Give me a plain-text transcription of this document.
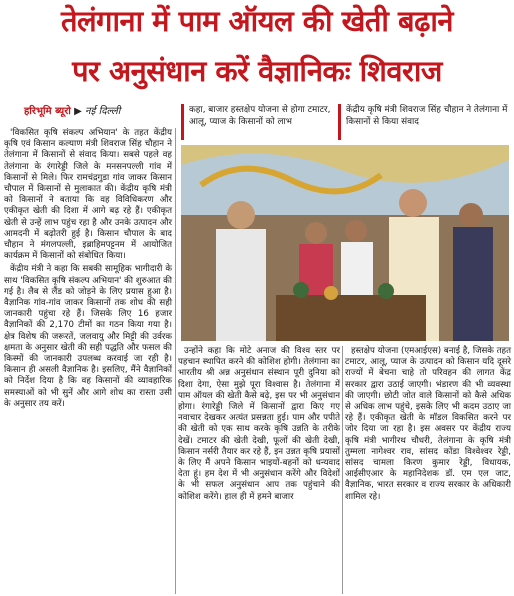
तेलंगाना में पाम ऑयल की खेती बढ़ाने
पर अनुसंधान करें वैज्ञानिकः शिवराज
हरिभूमि ब्यूरो ▶ नई दिल्ली	कहा, बाजार हस्तक्षेप योजना से होगा टमाटर, आलू, प्याज के किसानों को लाभ
केंद्रीय कृषि मंत्री शिवराज सिंह चौहान ने तेलंगाना में किसानों से किया संवाद

'विकसित कृषि संकल्प अभियान' के तहत केंद्रीय कृषि एवं किसान कल्याण मंत्री शिवराज सिंह चौहान ने तेलंगाना में किसानों से संवाद किया। सबसे पहले वह तेलंगाना के रंगारेड्डी जिले के मनसनपल्ली गांव में किसानों से मिले। फिर रामचंद्रगुडा गांव जाकर किसान चौपाल में किसानों से मुलाकात की। केंद्रीय कृषि मंत्री को किसानों ने बताया कि वह विविधिकरण और एकीकृत खेती की दिशा में आगे बढ़ रहे हैं। एकीकृत खेती से उन्हें लाभ पहुंच रहा है और उनके उत्पादन और आमदनी में बढ़ोतरी हुई है। किसान चौपाल के बाद चौहान ने मंगलपल्ली, इब्राहिमपट्टनम में आयोजित कार्यक्रम में किसानों को संबोधित किया।

केंद्रीय मंत्री ने कहा कि सबकी सामूहिक भागीदारी के साथ 'विकसित कृषि संकल्प अभियान' की शुरुआत की गई है। लैब से लैंड को जोड़ने के लिए प्रयास हुआ है। वैज्ञानिक गांव-गांव जाकर किसानों तक शोध की सही जानकारी पहुंचा रहे हैं। जिसके लिए 16 हजार वैज्ञानिकों की 2,170 टीमों का गठन किया गया है। क्षेत्र विशेष की जरूरतें, जलवायु और मिट्टी की उर्वरक क्षमता के अनुसार खेती की सही पद्धति और फसल की किस्मों की जानकारी उपलब्ध करवाई जा रही है। किसान ही असली वैज्ञानिक है। इसलिए, मैंने वैज्ञानिकों को निर्देश दिया है कि वह किसानों की व्यावहारिक समस्याओं को भी सुनें और आगे शोध का रास्ता उसी के अनुसार तय करें।

उन्होंने कहा कि मोटे अनाज की विश्व स्तर पर पहचान स्थापित करने की कोशिश होगी। तेलंगाना का भारतीय श्री अन्न अनुसंधान संस्थान पूरी दुनिया को दिशा देगा, ऐसा मुझे पूरा विश्वास है। तेलंगाना में पाम ऑयल की खेती कैसे बढ़े, इस पर भी अनुसंधान होगा। रंगारेड्डी जिले में किसानों द्वारा किए गए नवाचार देखकर अत्यंत प्रसन्नता हुई। पाम और पपीते की खेती को एक साथ करके कृषि उन्नति के तरीके देखें। टमाटर की खेती देखी, फूलों की खेती देखी, किसान नर्सरी तैयार कर रहे हैं, इन उन्नत कृषि प्रयासों के लिए मैं अपने किसान भाइयों-बहनों को धन्यवाद देता हूं। हम देश में भी अनुसंधान करेंगे और विदेशों के भी सफल अनुसंधान आप तक पहुंचाने की कोशिश करेंगे। हाल ही में हमने बाजार

हस्तक्षेप योजना (एमआईएस) बनाई है, जिसके तहत टमाटर, आलू, प्याज के उत्पादन को किसान यदि दूसरे राज्यों में बेचना चाहे तो परिवहन की लागत केंद्र सरकार द्वारा उठाई जाएगी। भंडारण की भी व्यवस्था की जाएगी। छोटी जोत वाले किसानों को कैसे अधिक से अधिक लाभ पहुंचे, इसके लिए भी कदम उठाए जा रहे हैं। एकीकृत खेती के मॉडल विकसित करने पर जोर दिया जा रहा है। इस अवसर पर केंद्रीय राज्य कृषि मंत्री भागीरथ चौधरी, तेलंगाना के कृषि मंत्री तुम्मला नागेश्वर राव, सांसद कोंडा विश्वेश्वर रेड्डी, सांसद चामला किरण कुमार रेड्डी, विधायक, आईसीएआर के महानिदेशक डॉ. एम एल जाट, वैज्ञानिक, भारत सरकार व राज्य सरकार के अधिकारी शामिल रहे।
